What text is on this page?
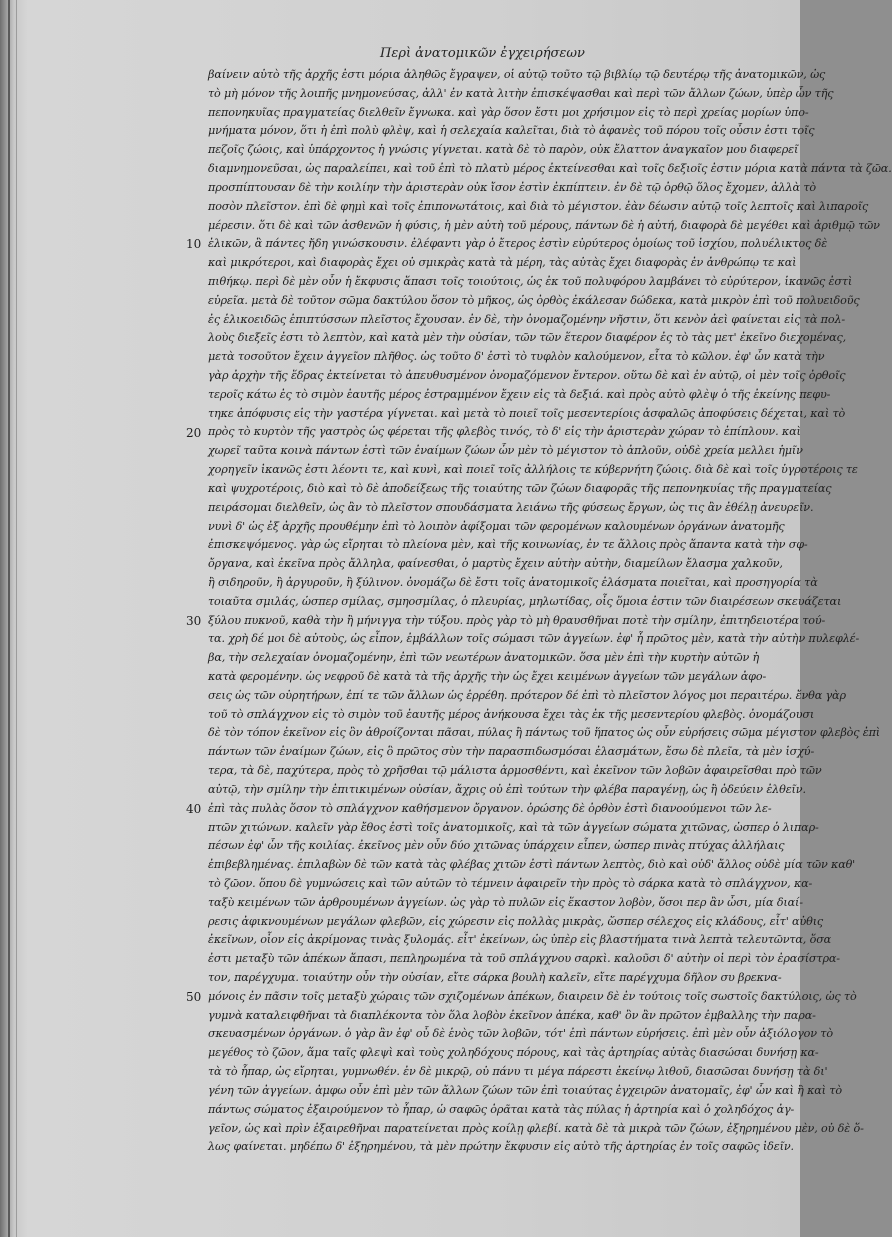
Περὶ ἀνατομικῶν ἐγχειρήσεων
10
20
30
40
50
βαίνειν αὐτὸ τῆς ἀρχῆς ἐστι μόρια ἀληθῶς ἔγραψεν, οἱ αὐτῷ τοῦτο τῷ βιβλίῳ τῷ δευτέρῳ τῆς ἀνατομικῶν, ὡς
τὸ μὴ μόνον τῆς λοιπῆς μνημονεύσας, ἀλλ' ἐν κατὰ λιτὴν ἐπισκέψασθαι καὶ περὶ τῶν ἄλλων ζώων, ὑπὲρ ὧν τῆς
πεπονηκυῖας πραγματείας διελθεῖν ἔγνωκα. καὶ γὰρ ὅσον ἔστι μοι χρήσιμον εἰς τὸ περὶ χρείας μορίων ὑπο-
μνήματα μόνον, ὅτι ἡ ἐπὶ πολὺ φλὲψ, καὶ ἡ σελεχαία καλεῖται, διὰ τὸ ἀφανὲς τοῦ πόρου τοῖς οὖσιν ἐστι τοῖς
πεζοῖς ζώοις, καὶ ὑπάρχοντος ἡ γνώσις γίγνεται. κατὰ δὲ τὸ παρὸν, οὐκ ἔλαττον ἀναγκαῖον μου διαφερεῖ
διαμνημονεῦσαι, ὡς παραλείπει, καὶ τοῦ ἐπὶ τὸ πλατὺ μέρος ἐκτείνεσθαι καὶ τοῖς δεξιοῖς ἐστιν μόρια κατὰ πάντα τὰ ζῶα.
προσπίπτουσαν δὲ τὴν κοιλίην τὴν ἀριστερὰν οὐκ ἴσον ἐστὶν ἐκπίπτειν. ἐν δὲ τῷ ὀρθῷ ὅλος ἔχομεν, ἀλλὰ τὸ
ποσὸν πλεῖστον. ἐπὶ δὲ φημὶ καὶ τοῖς ἐπιπονωτάτοις, καὶ διὰ τὸ μέγιστον. ἐὰν δέωσιν αὐτῷ τοῖς λεπτοῖς καὶ λιπαροῖς
μέρεσιν. ὅτι δὲ καὶ τῶν ἀσθενῶν ἡ φύσις, ἡ μὲν αὐτὴ τοῦ μέρους, πάντων δὲ ἡ αὐτή, διαφορὰ δὲ μεγέθει καὶ ἀριθμῷ τῶν
ἑλικῶν, ἃ πάντες ἤδη γινώσκουσιν. ἐλέφαντι γὰρ ὁ ἔτερος ἐστὶν εὐρύτερος ὁμοίως τοῦ ἰσχίου, πολυέλικτος δὲ
καὶ μικρότεροι, καὶ διαφορὰς ἔχει οὐ σμικρὰς κατὰ τὰ μέρη, τὰς αὐτὰς ἔχει διαφορὰς ἐν ἀνθρώπῳ τε καὶ
πιθήκῳ. περὶ δὲ μὲν οὖν ἡ ἔκφυσις ἅπασι τοῖς τοιούτοις, ὡς ἐκ τοῦ πολυφόρου λαμβάνει τὸ εὐρύτερον, ἱκανῶς ἐστὶ
εὐρεῖα. μετὰ δὲ τοῦτον σῶμα δακτύλου ὅσον τὸ μῆκος, ὡς ὀρθὸς ἐκάλεσαν δώδεκα, κατὰ μικρὸν ἐπὶ τοῦ πολυειδοῦς
ἐς ἑλικοειδῶς ἐπιπτύσσων πλεῖστος ἔχουσαν. ἐν δὲ, τὴν ὀνομαζομένην νῆστιν, ὅτι κενὸν ἀεὶ φαίνεται εἰς τὰ πολ-
λοὺς διεξεῖς ἐστι τὸ λεπτὸν, καὶ κατὰ μὲν τὴν οὐσίαν, τῶν τῶν ἕτερον διαφέρον ἐς τὸ τὰς μετ' ἐκεῖνο διεχομένας,
μετὰ τοσοῦτον ἔχειν ἀγγεῖον πλῆθος. ὡς τοῦτο δ' ἐστὶ τὸ τυφλὸν καλούμενον, εἶτα τὸ κῶλον. ἐφ' ὧν κατὰ τὴν
γὰρ ἀρχὴν τῆς ἕδρας ἐκτείνεται τὸ ἀπευθυσμένον ὀνομαζόμενον ἔντερον. οὕτω δὲ καὶ ἐν αὐτῷ, οἱ μὲν τοῖς ὀρθοῖς
τεροῖς κάτω ἐς τὸ σιμὸν ἑαυτῆς μέρος ἐστραμμένον ἔχειν εἰς τὰ δεξιά. καὶ πρὸς αὐτὸ φλὲψ ὁ τῆς ἐκείνης πεφυ-
τηκε ἀπόφυσις εἰς τὴν γαστέρα γίγνεται. καὶ μετὰ τὸ ποιεῖ τοῖς μεσεντερίοις ἀσφαλῶς ἀποφύσεις δέχεται, καὶ τὸ
πρὸς τὸ κυρτὸν τῆς γαστρὸς ὡς φέρεται τῆς φλεβὸς τινός, τὸ δ' εἰς τὴν ἀριστερὰν χώραν τὸ ἐπίπλουν. καὶ
χωρεῖ ταῦτα κοινὰ πάντων ἐστὶ τῶν ἐναίμων ζώων ὧν μὲν τὸ μέγιστον τὸ ἀπλοῦν, οὐδὲ χρεία μελλει ἡμῖν
χορηγεῖν ἱκανῶς ἐστι λέοντι τε, καὶ κυνὶ, καὶ ποιεῖ τοῖς ἀλλήλοις τε κύβερνήτη ζώοις. διὰ δὲ καὶ τοῖς ὑγροτέροις τε
καὶ ψυχροτέροις, διὸ καὶ τὸ δὲ ἀποδείξεως τῆς τοιαύτης τῶν ζώων διαφορᾶς τῆς πεπονηκυίας τῆς πραγματείας
πειράσομαι διελθεῖν, ὡς ἂν τὸ πλεῖστον σπουδάσματα λειάνω τῆς φύσεως ἔργων, ὡς τις ἂν ἐθέλῃ ἀνευρεῖν.
νυνὶ δ' ὡς ἐξ ἀρχῆς προυθέμην ἐπὶ τὸ λοιπὸν ἀφίξομαι τῶν φερομένων καλουμένων ὀργάνων ἀνατομῆς
ἐπισκεψόμενος. γὰρ ὡς εἴρηται τὸ πλείονα μὲν, καὶ τῆς κοινωνίας, ἐν τε ἄλλοις πρὸς ἅπαντα κατὰ τὴν σφ-
ὄργανα, καὶ ἐκεῖνα πρὸς ἄλληλα, φαίνεσθαι, ὁ μαρτὺς ἔχειν αὐτὴν αὐτὴν, διαμείλων ἔλασμα χαλκοῦν,
ἢ σιδηροῦν, ἢ ἀργυροῦν, ἢ ξύλινον. ὀνομάζω δὲ ἔστι τοῖς ἀνατομικοῖς ἐλάσματα ποιεῖται, καὶ προσηγορία τὰ
τοιαῦτα σμιλάς, ὡσπερ σμίλας, σμηοσμίλας, ὁ πλευρίας, μηλωτίδας, οἷς ὅμοια ἐστιν τῶν διαιρέσεων σκευάζεται
ξύλου πυκνοῦ, καθὰ τὴν ἢ μήνιγγα τὴν τύξου. πρὸς γὰρ τὸ μὴ θραυσθῆναι ποτὲ τὴν σμίλην, ἐπιτηδειοτέρα τού-
τα. χρὴ δέ μοι δὲ αὐτοὺς, ὡς εἶπον, ἐμβάλλων τοῖς σώμασι τῶν ἀγγείων. ἐφ' ἧ πρῶτος μὲν, κατὰ τὴν αὐτὴν πυλεφλέ-
βα, τὴν σελεχαίαν ὀνομαζομένην, ἐπὶ τῶν νεωτέρων ἀνατομικῶν. ὅσα μὲν ἐπὶ τὴν κυρτὴν αὐτῶν ἡ
κατὰ φερομένην. ὡς νεφροῦ δὲ κατὰ τὰ τῆς ἀρχῆς τὴν ὡς ἔχει κειμένων ἀγγείων τῶν μεγάλων ἀφο-
σεις ὡς τῶν οὐρητήρων, ἐπί τε τῶν ἄλλων ὡς ἐρρέθη. πρότερον δέ ἐπὶ τὸ πλεῖστον λόγος μοι περαιτέρω. ἔνθα γὰρ
τοῦ τὸ σπλάγχνον εἰς τὸ σιμὸν τοῦ ἑαυτῆς μέρος ἀνήκουσα ἔχει τὰς ἐκ τῆς μεσεντερίου φλεβὸς. ὀνομάζουσι
δὲ τὸν τόπον ἐκεῖνον εἰς ὃν ἀθροίζονται πᾶσαι, πύλας ἢ πάντως τοῦ ἥπατος ὡς οὖν εὑρήσεις σῶμα μέγιστον φλεβὸς ἐπὶ
πάντων τῶν ἐναίμων ζώων, εἰς ὃ πρῶτος σὺν τὴν παρασπιδωσμόσαι ἐλασμάτων, ἔσω δὲ πλεῖα, τὰ μὲν ἰσχύ-
τερα, τὰ δὲ, παχύτερα, πρὸς τὸ χρῆσθαι τῷ μάλιστα ἁρμοσθέντι, καὶ ἐκεῖνον τῶν λοβῶν ἀφαιρεῖσθαι πρὸ τῶν
αὐτῷ, τὴν σμίλην τὴν ἐπιτικιμένων οὐσίαν, ἄχρις οὐ ἐπὶ τούτων τὴν φλέβα παραγένῃ, ὡς ἢ ὁδεύειν ἐλθεῖν.
ἐπὶ τὰς πυλὰς ὅσον τὸ σπλάγχνον καθήσμενον ὄργανον. ὁρώσης δὲ ὀρθὸν ἐστὶ διανοούμενοι τῶν λε-
πτῶν χιτώνων. καλεῖν γὰρ ἔθος ἐστὶ τοῖς ἀνατομικοῖς, καὶ τὰ τῶν ἀγγείων σώματα χιτῶνας, ὡσπερ ὁ λιπαρ-
πέσων ἐφ' ὧν τῆς κοιλίας. ἐκεῖνος μὲν οὖν δύο χιτῶνας ὑπάρχειν εἶπεν, ὡσπερ πινὰς πτύχας ἀλλήλαις
ἐπιβεβλημένας. ἐπιλαβὼν δὲ τῶν κατὰ τὰς φλέβας χιτῶν ἐστὶ πάντων λεπτὸς, διὸ καὶ οὐδ' ἄλλος οὐδὲ μία τῶν καθ'
τὸ ζῶον. ὅπου δὲ γυμνώσεις καὶ τῶν αὐτῶν τὸ τέμνειν ἀφαιρεῖν τὴν πρὸς τὸ σάρκα κατὰ τὸ σπλάγχνον, κα-
ταξὺ κειμένων τῶν ἀρθρουμένων ἀγγείων. ὡς γὰρ τὸ πυλῶν εἰς ἕκαστον λοβὸν, ὅσοι περ ἂν ὦσι, μία διαί-
ρεσις ἀφικνουμένων μεγάλων φλεβῶν, εἰς χώρεσιν εἰς πολλὰς μικρὰς, ὥσπερ σέλεχος εἰς κλάδους, εἶτ' αὐθις
ἐκεῖνων, οἷον εἰς ἀκρίμονας τινὰς ξυλομάς. εἶτ' ἐκείνων, ὡς ὑπὲρ εἰς βλαστήματα τινὰ λεπτὰ τελευτῶντα, ὅσα
ἐστι μεταξὺ τῶν ἀπέκων ἅπασι, πεπληρωμένα τὰ τοῦ σπλάγχνου σαρκὶ. καλοῦσι δ' αὐτὴν οἱ περὶ τὸν ἐρασίστρα-
τον, παρέγχυμα. τοιαύτην οὖν τὴν οὐσίαν, εἴτε σάρκα βουλὴ καλεῖν, εἴτε παρέγχυμα δῆλον συ βρεκνα-
μόνοις ἐν πᾶσιν τοῖς μεταξὺ χώραις τῶν σχιζομένων ἀπέκων, διαιρειν δὲ ἐν τούτοις τοῖς σωστοῖς δακτύλοις, ὡς τὸ
γυμνὰ καταλειφθῆναι τὰ διαπλέκοντα τὸν ὅλα λοβὸν ἐκεῖνον ἀπέκα, καθ' ὃν ἂν πρῶτον ἐμβαλλης τὴν παρα-
σκευασμένων ὀργάνων. ὁ γὰρ ἂν ἐφ' οὗ δὲ ἑνὸς τῶν λοβῶν, τότ' ἐπὶ πάντων εὑρήσεις. ἐπὶ μὲν οὖν ἀξιόλογον τὸ
μεγέθος τὸ ζῶον, ἅμα ταῖς φλεψὶ καὶ τοὺς χοληδόχους πόρους, καὶ τὰς ἀρτηρίας αὐτὰς διασώσαι δυνήσῃ κα-
τὰ τὸ ἧπαρ, ὡς εἴρηται, γυμνωθέν. ἐν δὲ μικρῷ, οὐ πάνυ τι μέγα πάρεστι ἐκείνῳ λιθοῦ, διασῶσαι δυνήσῃ τὰ δι'
γένη τῶν ἀγγείων. ἀμφω οὖν ἐπὶ μὲν τῶν ἄλλων ζώων τῶν ἐπὶ τοιαύτας ἐγχειρῶν ἀνατομαῖς, ἐφ' ὧν καὶ ἢ καὶ τὸ
πάντως σώματος ἐξαιρούμενον τὸ ἧπαρ, ὡ σαφῶς ὁρᾶται κατὰ τὰς πύλας ἡ ἀρτηρία καὶ ὁ χοληδόχος ἀγ-
γεῖον, ὡς καὶ πρὶν ἐξαιρεθῆναι παρατείνεται πρὸς κοίλῃ φλεβί. κατὰ δὲ τὰ μικρὰ τῶν ζώων, ἐξηρημένου μὲν, οὐ δὲ ὅ-
λως φαίνεται. μηδέπω δ' ἐξηρημένου, τὰ μὲν πρώτην ἔκφυσιν εἰς αὐτὸ τῆς ἀρτηρίας ἐν τοῖς σαφῶς ἰδεῖν.
